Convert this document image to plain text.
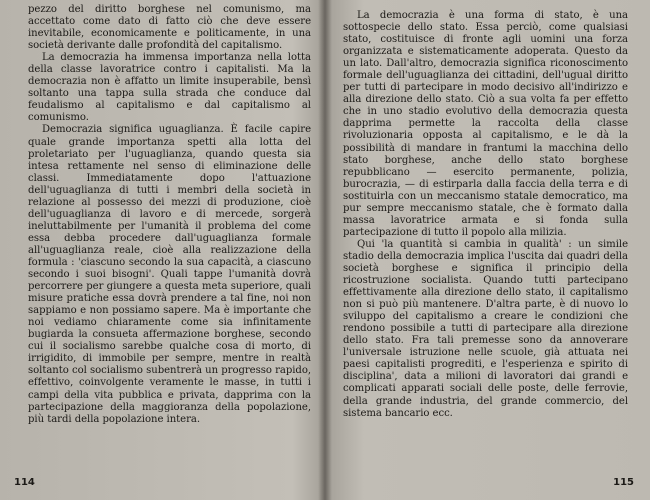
pezzo del diritto borghese nel comunismo, ma accettato come dato di fatto ciò che deve essere inevitabile, economicamente e politicamente, in una società derivante dalle profondità del capitalismo.

La democrazia ha immensa importanza nella lotta della classe lavoratrice contro i capitalisti. Ma la democrazia non è affatto un limite insuperabile, bensì soltanto una tappa sulla strada che conduce dal feudalismo al capitalismo e dal capitalismo al comunismo.

Democrazia significa uguaglianza. È facile capire quale grande importanza spetti alla lotta del proletariato per l'uguaglianza, quando questa sia intesa rettamente nel senso di eliminazione delle classi. Immediatamente dopo l'attuazione dell'uguaglianza di tutti i membri della società in relazione al possesso dei mezzi di produzione, cioè dell'uguaglianza di lavoro e di mercede, sorgerà ineluttabilmente per l'umanità il problema del come essa debba procedere dall'uguaglianza formale all'uguaglianza reale, cioè alla realizzazione della formula : 'ciascuno secondo la sua capacità, a ciascuno secondo i suoi bisogni'. Quali tappe l'umanità dovrà percorrere per giungere a questa meta superiore, quali misure pratiche essa dovrà prendere a tal fine, noi non sappiamo e non possiamo sapere. Ma è importante che noi vediamo chiaramente come sia infinitamente bugiarda la consueta affermazione borghese, secondo cui il socialismo sarebbe qualche cosa di morto, di irrigidito, di immobile per sempre, mentre in realtà soltanto col socialismo subentrerà un progresso rapido, effettivo, coinvolgente veramente le masse, in tutti i campi della vita pubblica e privata, dapprima con la partecipazione della maggioranza della popolazione, più tardi della popolazione intera.

114

La democrazia è una forma di stato, è una sottospecie dello stato. Essa perciò, come qualsiasi stato, costituisce di fronte agli uomini una forza organizzata e sistematicamente adoperata. Questo da un lato. Dall'altro, democrazia significa riconoscimento formale dell'uguaglianza dei cittadini, dell'ugual diritto per tutti di partecipare in modo decisivo all'indirizzo e alla direzione dello stato. Ciò a sua volta fa per effetto che in uno stadio evolutivo della democrazia questa dapprima permette la raccolta della classe rivoluzionaria opposta al capitalismo, e le dà la possibilità di mandare in frantumi la macchina dello stato borghese, anche dello stato borghese repubblicano — esercito permanente, polizia, burocrazia, — di estirparla dalla faccia della terra e di sostituirla con un meccanismo statale democratico, ma pur sempre meccanismo statale, che è formato dalla massa lavoratrice armata e si fonda sulla partecipazione di tutto il popolo alla milizia.

Qui 'la quantità si cambia in qualità' : un simile stadio della democrazia implica l'uscita dai quadri della società borghese e significa il principio della ricostruzione socialista. Quando tutti partecipano effettivamente alla direzione dello stato, il capitalismo non si può più mantenere. D'altra parte, è di nuovo lo sviluppo del capitalismo a creare le condizioni che rendono possibile a tutti di partecipare alla direzione dello stato. Fra tali premesse sono da annoverare l'universale istruzione nelle scuole, già attuata nei paesi capitalisti progrediti, e l'esperienza e spirito di disciplina', data a milioni di lavoratori dai grandi e complicati apparati sociali delle poste, delle ferrovie, della grande industria, del grande commercio, del sistema bancario ecc.

115
